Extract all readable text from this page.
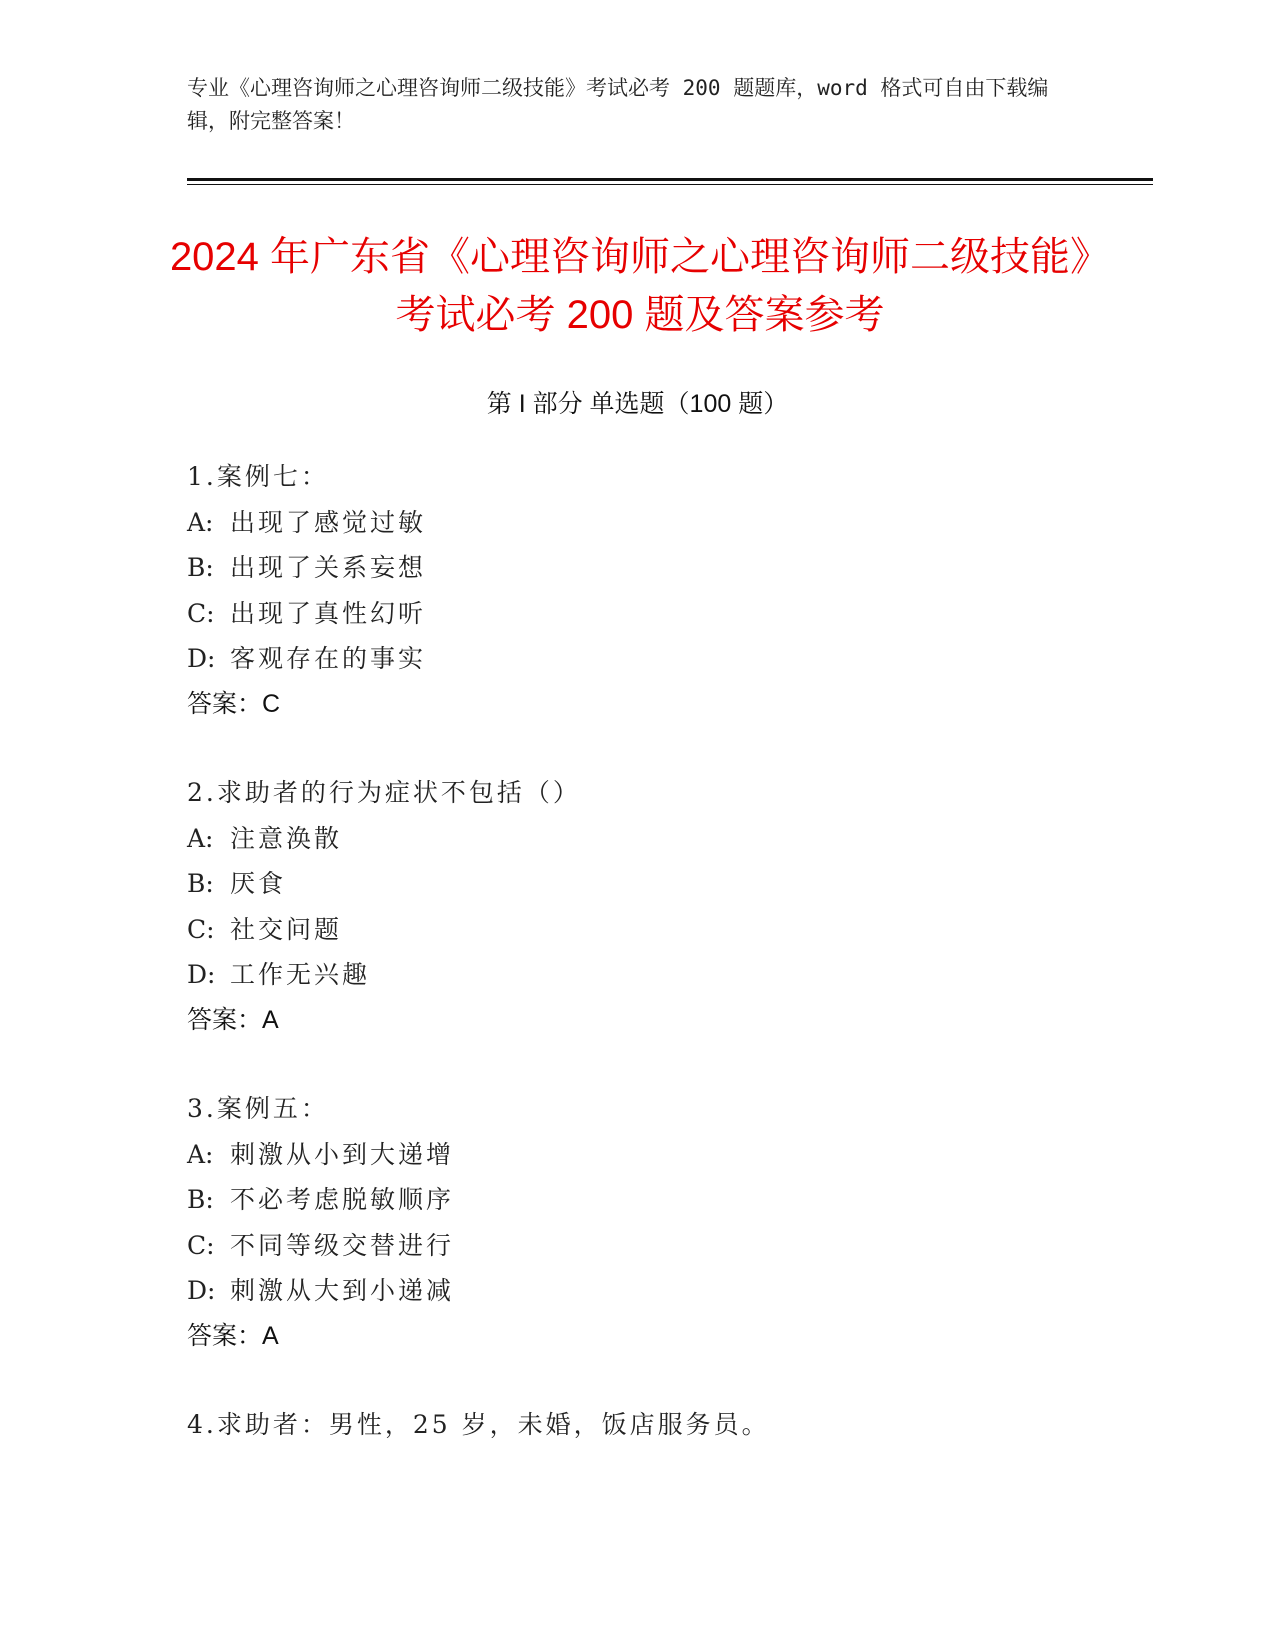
专业《心理咨询师之心理咨询师二级技能》考试必考 200 题题库，word 格式可自由下载编辑，附完整答案！
2024 年广东省《心理咨询师之心理咨询师二级技能》考试必考 200 题及答案参考
第 I 部分 单选题（100 题）
1.案例七：
A: 出现了感觉过敏
B: 出现了关系妄想
C: 出现了真性幻听
D: 客观存在的事实
答案：C
2.求助者的行为症状不包括（）
A: 注意涣散
B: 厌食
C: 社交问题
D: 工作无兴趣
答案：A
3.案例五：
A: 刺激从小到大递增
B: 不必考虑脱敏顺序
C: 不同等级交替进行
D: 刺激从大到小递减
答案：A
4.求助者：男性，25 岁，未婚，饭店服务员。
